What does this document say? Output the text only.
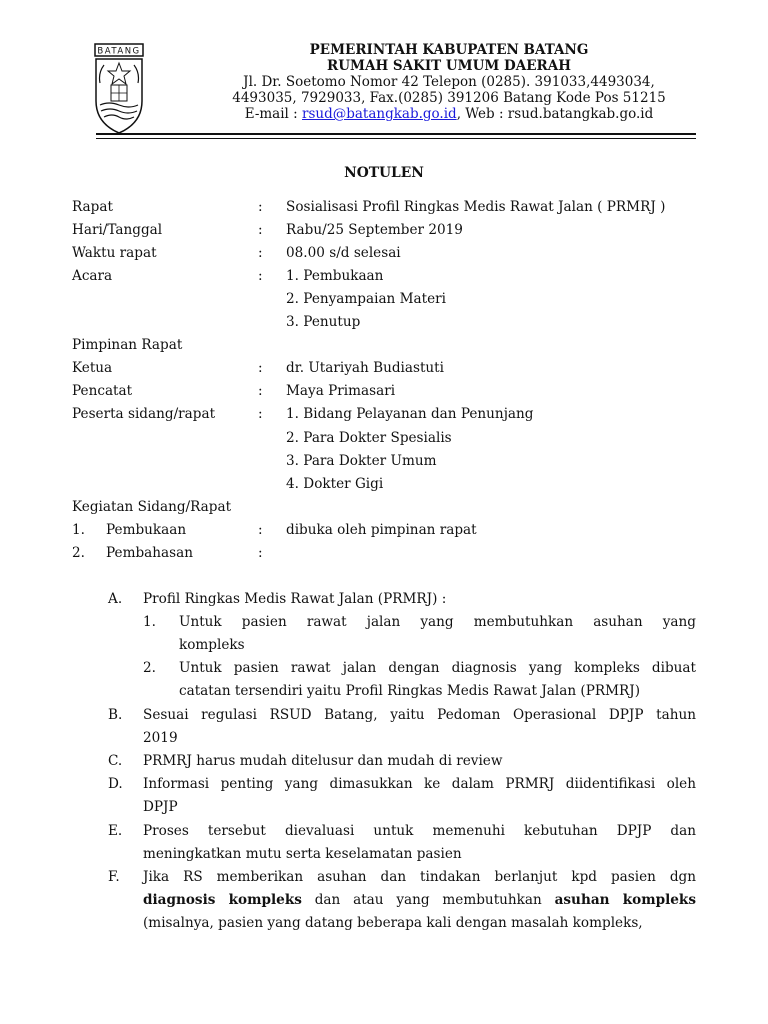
BATANG	PEMERINTAH KABUPATEN BATANG
RUMAH SAKIT UMUM DAERAH
Jl. Dr. Soetomo Nomor 42 Telepon (0285). 391033,4493034,
4493035, 7929033, Fax.(0285) 391206 Batang Kode Pos 51215
E-mail : rsud@batangkab.go.id, Web : rsud.batangkab.go.id
NOTULEN
Rapat	: Sosialisasi Profil Ringkas Medis Rawat Jalan ( PRMRJ )
Hari/Tanggal	: Rabu/25 September 2019
Waktu rapat	: 08.00 s/d selesai
Acara	: 1. Pembukaan
2. Penyampaian Materi
3. Penutup
Pimpinan Rapat
Ketua	: dr. Utariyah Budiastuti
Pencatat	: Maya Primasari
Peserta sidang/rapat	: 1. Bidang Pelayanan dan Penunjang
2. Para Dokter Spesialis
3. Para Dokter Umum
4. Dokter Gigi
Kegiatan Sidang/Rapat
1. Pembukaan	: dibuka oleh pimpinan rapat
2. Pembahasan	:
A. Profil Ringkas Medis Rawat Jalan (PRMRJ) :
1. Untuk pasien rawat jalan yang membutuhkan asuhan yang
kompleks
2. Untuk pasien rawat jalan dengan diagnosis yang kompleks dibuat
catatan tersendiri yaitu Profil Ringkas Medis Rawat Jalan (PRMRJ)
B. Sesuai regulasi RSUD Batang, yaitu Pedoman Operasional DPJP tahun
2019
C. PRMRJ harus mudah ditelusur dan mudah di review
D. Informasi penting yang dimasukkan ke dalam PRMRJ diidentifikasi oleh
DPJP
E. Proses tersebut dievaluasi untuk memenuhi kebutuhan DPJP dan
meningkatkan mutu serta keselamatan pasien
F. Jika RS memberikan asuhan dan tindakan berlanjut kpd pasien dgn
diagnosis kompleks dan atau yang membutuhkan asuhan kompleks
(misalnya, pasien yang datang beberapa kali dengan masalah kompleks,
